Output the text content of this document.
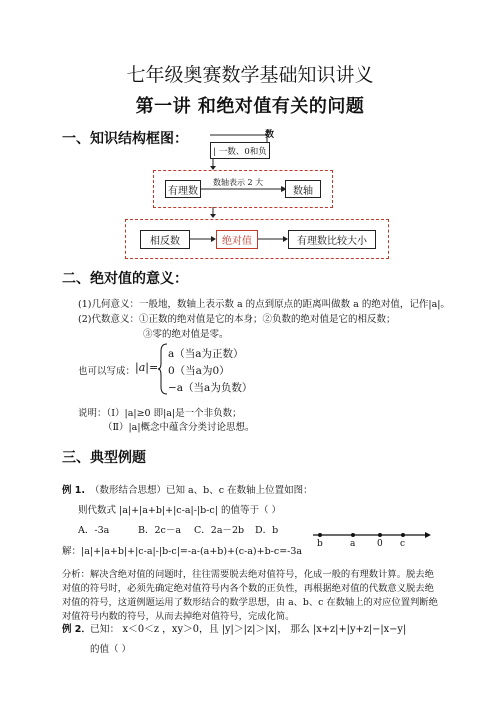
七年级奥赛数学基础知识讲义
第一讲 和绝对值有关的问题
一、知识结构框图：	数
| 一数、0和负
有理数
数轴表示 2 大
数轴
相反数	绝对值	有理数比较大小
二、绝对值的意义：
(1)几何意义：一般地，数轴上表示数 a 的点到原点的距离叫做数 a 的绝对值，记作|a|。
(2)代数意义：①正数的绝对值是它的本身；②负数的绝对值是它的相反数；
③零的绝对值是零。
也可以写成： |a|=
a（当a为正数）
0（当a为0）
−a（当a为负数）
说明：（Ⅰ）|a|≥0 即|a|是一个非负数；
（Ⅱ）|a|概念中蕴含分类讨论思想。
三、典型例题
例 1. （数形结合思想）已知 a、b、c 在数轴上位置如图：
则代数式 |a|+|a+b|+|c-a|-|b-c| 的值等于（ ）
A．-3a	B．2c－a C．2a－2b D．b
解：|a|+|a+b|+|c-a|-|b-c|=-a-(a+b)+(c-a)+b-c=-3a
b	a 0 c
分析：解决含绝对值的问题时，往往需要脱去绝对值符号，化成一般的有理数计算。脱去绝对值的符号时，必须先确定绝对值符号内各个数的正负性，再根据绝对值的代数意义脱去绝对值的符号，这道例题运用了数形结合的数学思想，由 a、b、c 在数轴上的对应位置判断绝对值符号内数的符号，从而去掉绝对值符号，完成化简。
例 2． 已知： x＜0＜z ，xy＞0，且 |y|＞|z|＞|x|， 那么 |x+z|+|y+z|−|x−y|
的值（ ）
